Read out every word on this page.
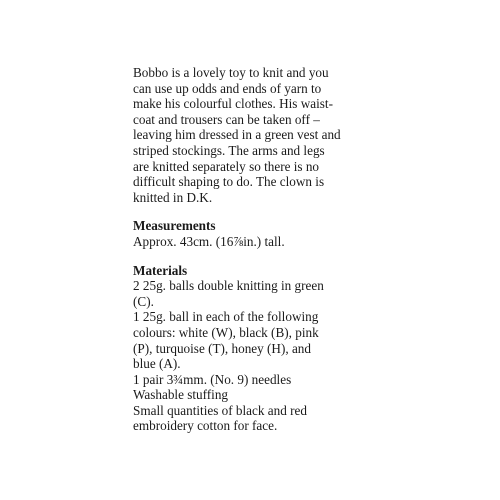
Bobbo is a lovely toy to knit and you

can use up odds and ends of yarn to

make his colourful clothes. His waist-

coat and trousers can be taken off –

leaving him dressed in a green vest and

striped stockings. The arms and legs

are knitted separately so there is no

difficult shaping to do. The clown is

knitted in D.K.

Measurements

Approx. 43cm. (16⅞in.) tall.

Materials

2 25g. balls double knitting in green

(C).

1 25g. ball in each of the following

colours: white (W), black (B), pink

(P), turquoise (T), honey (H), and

blue (A).

1 pair 3¾mm. (No. 9) needles

Washable stuffing

Small quantities of black and red

embroidery cotton for face.
